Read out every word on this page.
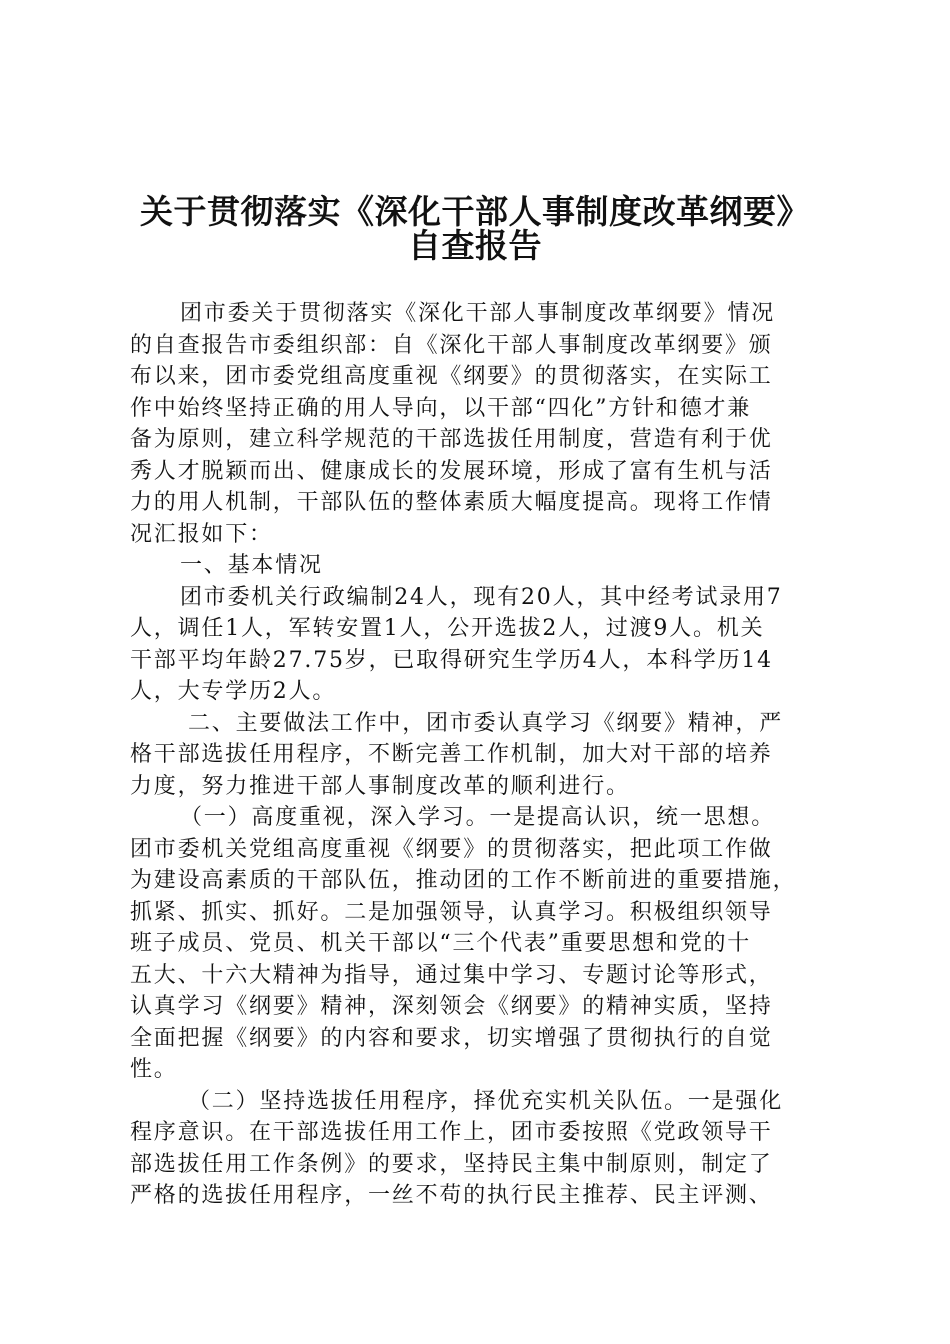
关于贯彻落实《深化干部人事制度改革纲要》
自查报告
团市委关于贯彻落实《深化干部人事制度改革纲要》情况
的自查报告市委组织部：自《深化干部人事制度改革纲要》颁
布以来，团市委党组高度重视《纲要》的贯彻落实，在实际工
作中始终坚持正确的用人导向，以干部“四化”方针和德才兼
备为原则，建立科学规范的干部选拔任用制度，营造有利于优
秀人才脱颖而出、健康成长的发展环境，形成了富有生机与活
力的用人机制，干部队伍的整体素质大幅度提高。现将工作情
况汇报如下：
一、基本情况
团市委机关行政编制24人，现有20人，其中经考试录用7
人，调任1人，军转安置1人，公开选拔2人，过渡9人。机关
干部平均年龄27.75岁，已取得研究生学历4人，本科学历14
人，大专学历2人。
二、主要做法工作中，团市委认真学习《纲要》精神，严
格干部选拔任用程序，不断完善工作机制，加大对干部的培养
力度，努力推进干部人事制度改革的顺利进行。
（一）高度重视，深入学习。一是提高认识，统一思想。
团市委机关党组高度重视《纲要》的贯彻落实，把此项工作做
为建设高素质的干部队伍，推动团的工作不断前进的重要措施，
抓紧、抓实、抓好。二是加强领导，认真学习。积极组织领导
班子成员、党员、机关干部以“三个代表”重要思想和党的十
五大、十六大精神为指导，通过集中学习、专题讨论等形式，
认真学习《纲要》精神，深刻领会《纲要》的精神实质，坚持
全面把握《纲要》的内容和要求，切实增强了贯彻执行的自觉
性。
（二）坚持选拔任用程序，择优充实机关队伍。一是强化
程序意识。在干部选拔任用工作上，团市委按照《党政领导干
部选拔任用工作条例》的要求，坚持民主集中制原则，制定了
严格的选拔任用程序，一丝不苟的执行民主推荐、民主评测、
